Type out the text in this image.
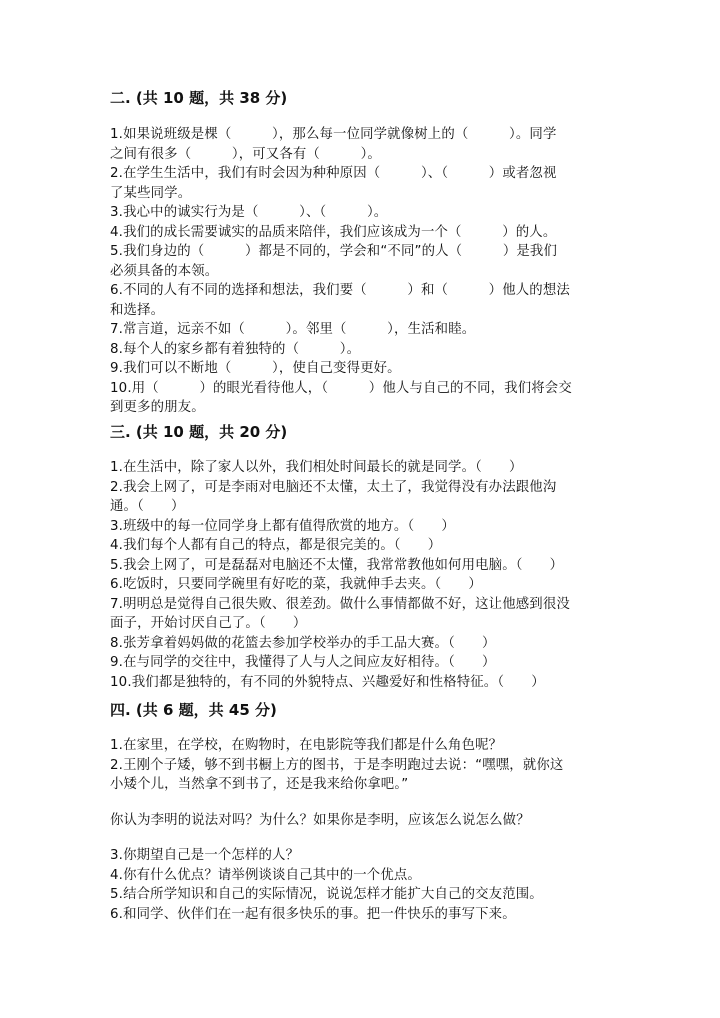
二. (共 10 题，共 38 分)

1.如果说班级是棵（　　　），那么每一位同学就像树上的（　　　）。同学
之间有很多（　　　），可又各有（　　　）。

2.在学生生活中，我们有时会因为种种原因（　　　）、（　　　）或者忽视
了某些同学。

3.我心中的诚实行为是（　　　）、（　　　）。

4.我们的成长需要诚实的品质来陪伴，我们应该成为一个（　　　）的人。

5.我们身边的（　　　）都是不同的，学会和“不同”的人（　　　）是我们
必须具备的本领。

6.不同的人有不同的选择和想法，我们要（　　　）和（　　　）他人的想法
和选择。

7.常言道，远亲不如（　　　）。邻里（　　　），生活和睦。

8.每个人的家乡都有着独特的（　　　）。

9.我们可以不断地（　　　），使自己变得更好。

10.用（　　　）的眼光看待他人，（　　　）他人与自己的不同，我们将会交
到更多的朋友。

三. (共 10 题，共 20 分)

1.在生活中，除了家人以外，我们相处时间最长的就是同学。（　　）

2.我会上网了，可是李雨对电脑还不太懂，太土了，我觉得没有办法跟他沟
通。（　　）

3.班级中的每一位同学身上都有值得欣赏的地方。（　　）

4.我们每个人都有自己的特点，都是很完美的。（　　）

5.我会上网了，可是磊磊对电脑还不太懂，我常常教他如何用电脑。（　　）

6.吃饭时，只要同学碗里有好吃的菜，我就伸手去夹。（　　）

7.明明总是觉得自己很失败、很差劲。做什么事情都做不好，这让他感到很没
面子，开始讨厌自己了。（　　）

8.张芳拿着妈妈做的花篮去参加学校举办的手工品大赛。（　　）

9.在与同学的交往中，我懂得了人与人之间应友好相待。（　　）

10.我们都是独特的，有不同的外貌特点、兴趣爱好和性格特征。（　　）

四. (共 6 题，共 45 分)

1.在家里，在学校，在购物时，在电影院等我们都是什么角色呢？

2.王刚个子矮，够不到书橱上方的图书，于是李明跑过去说：“嘿嘿，就你这
小矮个儿，当然拿不到书了，还是我来给你拿吧。”

你认为李明的说法对吗？为什么？如果你是李明，应该怎么说怎么做？

3.你期望自己是一个怎样的人？

4.你有什么优点？请举例谈谈自己其中的一个优点。

5.结合所学知识和自己的实际情况，说说怎样才能扩大自己的交友范围。

6.和同学、伙伴们在一起有很多快乐的事。把一件快乐的事写下来。
